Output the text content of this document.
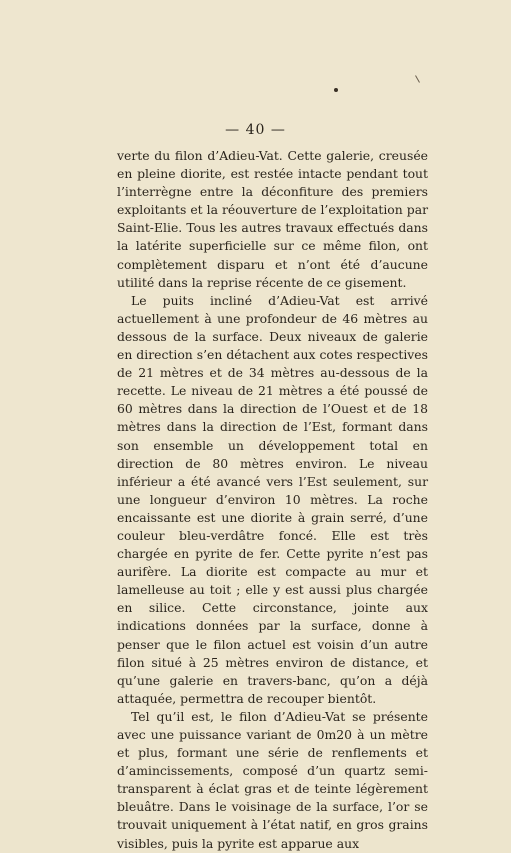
— 40 —

verte du filon d’Adieu-Vat. Cette galerie, creusée en pleine diorite, est restée intacte pendant tout l’interrègne entre la déconfiture des premiers exploitants et la réouverture de l’exploitation par Saint-Elie. Tous les autres travaux effectués dans la latérite superficielle sur ce même filon, ont complètement disparu et n’ont été d’aucune utilité dans la reprise récente de ce gisement.

Le puits incliné d’Adieu-Vat est arrivé actuellement à une profondeur de 46 mètres au dessous de la surface. Deux niveaux de galerie en direction s’en détachent aux cotes respectives de 21 mètres et de 34 mètres au-dessous de la recette. Le niveau de 21 mètres a été poussé de 60 mètres dans la direction de l’Ouest et de 18 mètres dans la direction de l’Est, formant dans son ensemble un développement total en direction de 80 mètres environ. Le niveau inférieur a été avancé vers l’Est seulement, sur une longueur d’environ 10 mètres. La roche encaissante est une diorite à grain serré, d’une couleur bleu-verdâtre foncé. Elle est très chargée en pyrite de fer. Cette pyrite n’est pas aurifère. La diorite est compacte au mur et lamelleuse au toit ; elle y est aussi plus chargée en silice. Cette circonstance, jointe aux indications données par la surface, donne à penser que le filon actuel est voisin d’un autre filon situé à 25 mètres environ de distance, et qu’une galerie en travers-banc, qu’on a déjà attaquée, permettra de recouper bientôt.

Tel qu’il est, le filon d’Adieu-Vat se présente avec une puissance variant de 0m20 à un mètre et plus, formant une série de renflements et d’amincissements, composé d’un quartz semi-transparent à éclat gras et de teinte légèrement bleuâtre. Dans le voisinage de la surface, l’or se trouvait uniquement à l’état natif, en gros grains visibles, puis la pyrite est apparue aux
